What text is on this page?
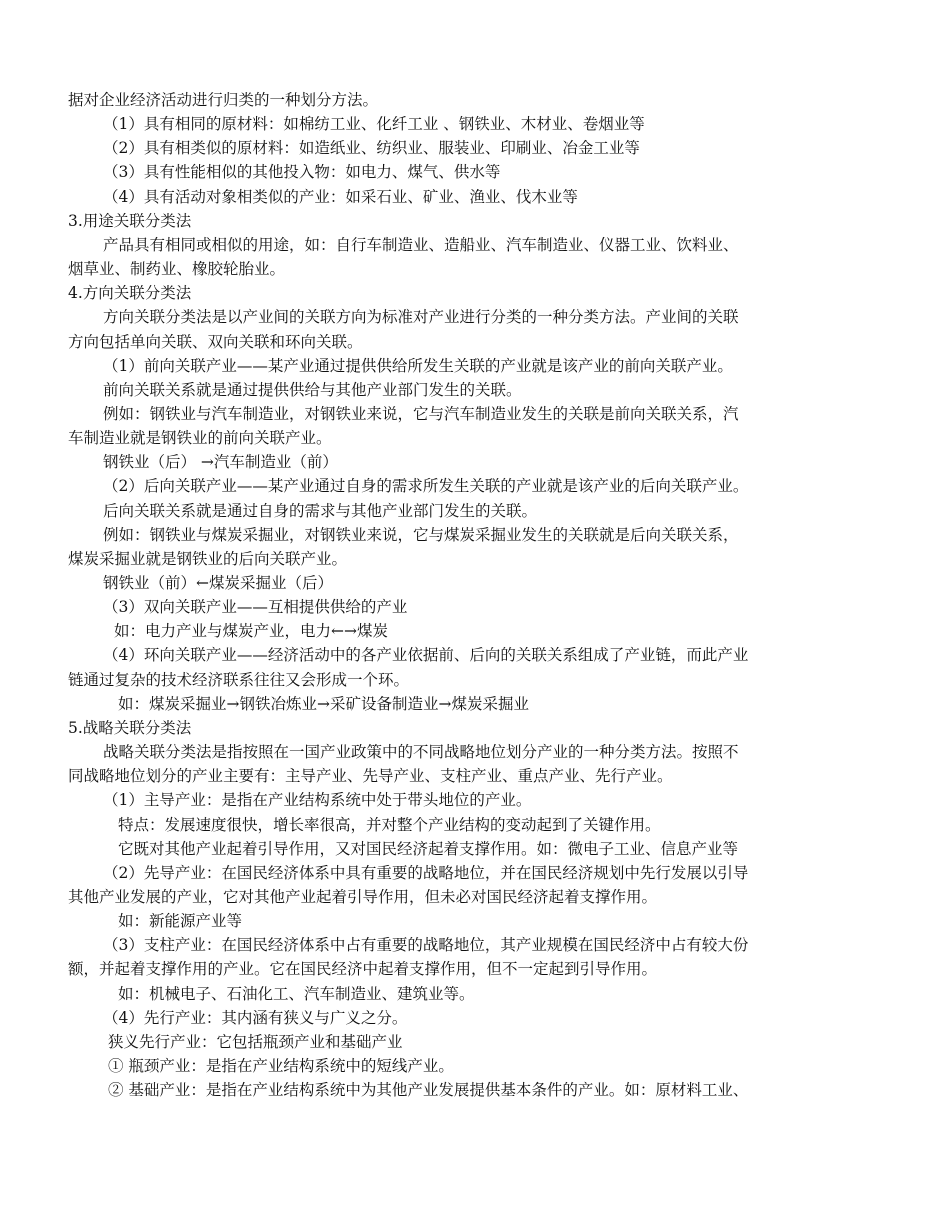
据对企业经济活动进行归类的一种划分方法。
（1）具有相同的原材料：如棉纺工业、化纤工业 、钢铁业、木材业、卷烟业等
（2）具有相类似的原材料：如造纸业、纺织业、服装业、印刷业、冶金工业等
（3）具有性能相似的其他投入物：如电力、煤气、供水等
（4）具有活动对象相类似的产业：如采石业、矿业、渔业、伐木业等
3.用途关联分类法
产品具有相同或相似的用途，如：自行车制造业、造船业、汽车制造业、仪器工业、饮料业、
烟草业、制药业、橡胶轮胎业。
4.方向关联分类法
方向关联分类法是以产业间的关联方向为标准对产业进行分类的一种分类方法。产业间的关联
方向包括单向关联、双向关联和环向关联。
（1）前向关联产业——某产业通过提供供给所发生关联的产业就是该产业的前向关联产业。
前向关联关系就是通过提供供给与其他产业部门发生的关联。
例如：钢铁业与汽车制造业，对钢铁业来说，它与汽车制造业发生的关联是前向关联关系，汽
车制造业就是钢铁业的前向关联产业。
钢铁业（后） →汽车制造业（前）
（2）后向关联产业——某产业通过自身的需求所发生关联的产业就是该产业的后向关联产业。
后向关联关系就是通过自身的需求与其他产业部门发生的关联。
例如：钢铁业与煤炭采掘业，对钢铁业来说，它与煤炭采掘业发生的关联就是后向关联关系，
煤炭采掘业就是钢铁业的后向关联产业。
钢铁业（前）←煤炭采掘业（后）
（3）双向关联产业——互相提供供给的产业
如：电力产业与煤炭产业，电力←→煤炭
（4）环向关联产业——经济活动中的各产业依据前、后向的关联关系组成了产业链，而此产业
链通过复杂的技术经济联系往往又会形成一个环。
如：煤炭采掘业→钢铁冶炼业→采矿设备制造业→煤炭采掘业
5.战略关联分类法
战略关联分类法是指按照在一国产业政策中的不同战略地位划分产业的一种分类方法。按照不
同战略地位划分的产业主要有：主导产业、先导产业、支柱产业、重点产业、先行产业。
（1）主导产业：是指在产业结构系统中处于带头地位的产业。
特点：发展速度很快，增长率很高，并对整个产业结构的变动起到了关键作用。
它既对其他产业起着引导作用，又对国民经济起着支撑作用。如：微电子工业、信息产业等
（2）先导产业：在国民经济体系中具有重要的战略地位，并在国民经济规划中先行发展以引导
其他产业发展的产业，它对其他产业起着引导作用，但未必对国民经济起着支撑作用。
如：新能源产业等
（3）支柱产业：在国民经济体系中占有重要的战略地位，其产业规模在国民经济中占有较大份
额，并起着支撑作用的产业。它在国民经济中起着支撑作用，但不一定起到引导作用。
如：机械电子、石油化工、汽车制造业、建筑业等。
（4）先行产业：其内涵有狭义与广义之分。
狭义先行产业：它包括瓶颈产业和基础产业
① 瓶颈产业：是指在产业结构系统中的短线产业。
② 基础产业：是指在产业结构系统中为其他产业发展提供基本条件的产业。如：原材料工业、
